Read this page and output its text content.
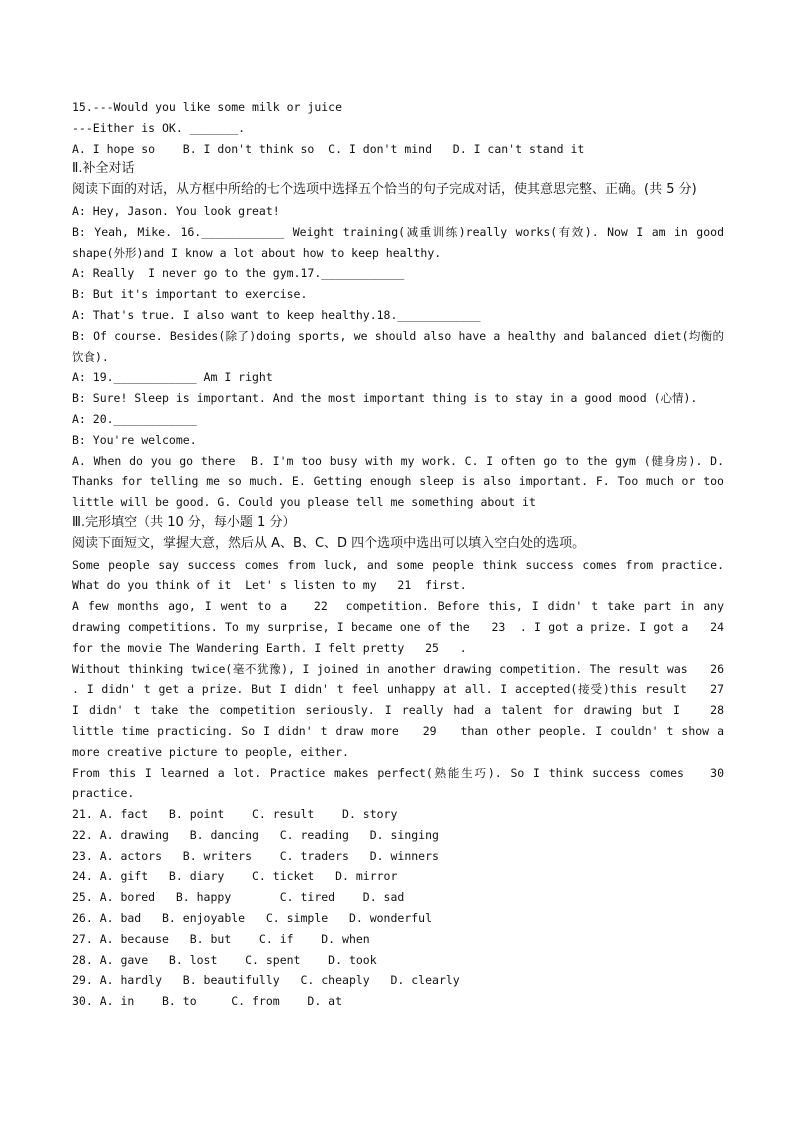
15.---Would you like some milk or juice
---Either is OK. _______.
A. I hope so    B. I don't think so  C. I don't mind   D. I can't stand it
Ⅱ.补全对话
阅读下面的对话，从方框中所给的七个选项中选择五个恰当的句子完成对话，使其意思完整、正确。(共 5 分)
A: Hey, Jason. You look great!
B: Yeah, Mike. 16.____________ Weight training(减重训练)really works(有效). Now I am in good shape(外形)and I know a lot about how to keep healthy.
A: Really  I never go to the gym.17.____________
B: But it's important to exercise.
A: That's true. I also want to keep healthy.18.____________
B: Of course. Besides(除了)doing sports, we should also have a healthy and balanced diet(均衡的饮食).
A: 19.____________ Am I right
B: Sure! Sleep is important. And the most important thing is to stay in a good mood (心情).
A: 20.____________
B: You're welcome.
A. When do you go there  B. I'm too busy with my work. C. I often go to the gym (健身房). D. Thanks for telling me so much. E. Getting enough sleep is also important. F. Too much or too little will be good. G. Could you please tell me something about it
Ⅲ.完形填空（共 10 分，每小题 1 分）
阅读下面短文，掌握大意，然后从 A、B、C、D 四个选项中选出可以填入空白处的选项。
Some people say success comes from luck, and some people think success comes from practice. What do you think of it  Let' s listen to my   21  first.
A few months ago, I went to a   22  competition. Before this, I didn' t take part in any drawing competitions. To my surprise, I became one of the   23  . I got a prize. I got a   24  for the movie The Wandering Earth. I felt pretty   25   .
Without thinking twice(毫不犹豫), I joined in another drawing competition. The result was   26  . I didn' t get a prize. But I didn' t feel unhappy at all. I accepted(接受)this result   27   I didn' t take the competition seriously. I really had a talent for drawing but I   28   little time practicing. So I didn' t draw more   29   than other people. I couldn' t show a more creative picture to people, either.
From this I learned a lot. Practice makes perfect(熟能生巧). So I think success comes   30   practice.
21. A. fact   B. point    C. result    D. story
22. A. drawing   B. dancing   C. reading   D. singing
23. A. actors   B. writers    C. traders   D. winners
24. A. gift   B. diary    C. ticket   D. mirror
25. A. bored   B. happy       C. tired    D. sad
26. A. bad   B. enjoyable   C. simple   D. wonderful
27. A. because   B. but    C. if    D. when
28. A. gave   B. lost    C. spent    D. took
29. A. hardly   B. beautifully   C. cheaply   D. clearly
30. A. in    B. to     C. from    D. at
